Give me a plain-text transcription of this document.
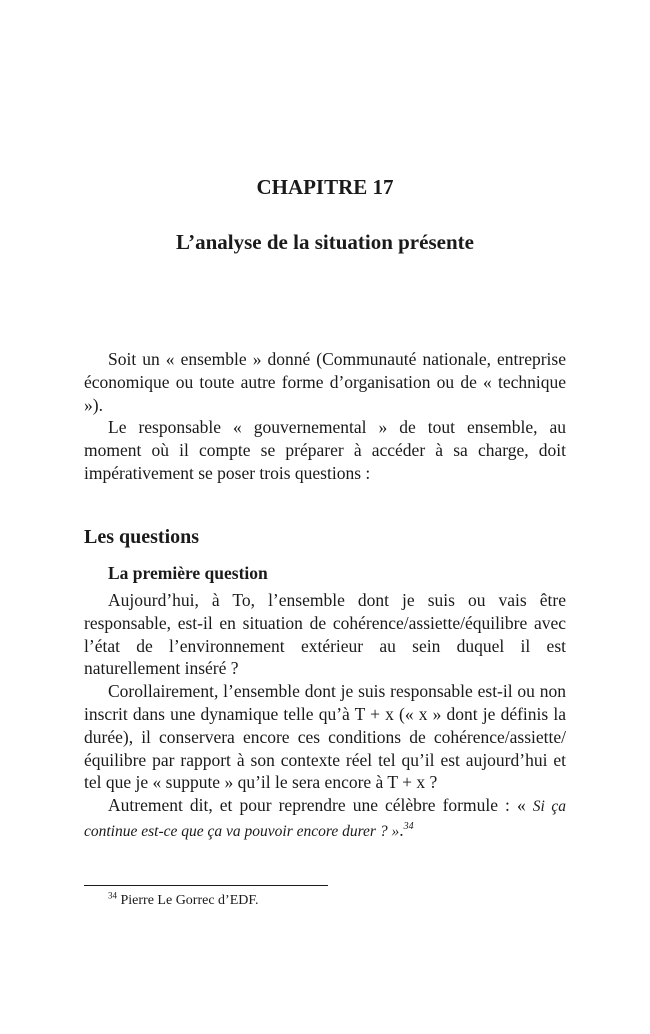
CHAPITRE 17
L’analyse de la situation présente

Soit un « ensemble » donné (Communauté nationale, entreprise économique ou toute autre forme d’organisation ou de « technique »).

Le responsable « gouvernemental » de tout ensemble, au moment où il compte se préparer à accéder à sa charge, doit impérativement se poser trois questions :

Les questions
La première question

Aujourd’hui, à To, l’ensemble dont je suis ou vais être responsable, est-il en situation de cohérence/assiette/équilibre avec l’état de l’environnement extérieur au sein duquel il est naturellement inséré ?

Corollairement, l’ensemble dont je suis responsable est-il ou non inscrit dans une dynamique telle qu’à T + x (« x » dont je définis la durée), il conservera encore ces conditions de cohérence/assiette/équilibre par rapport à son contexte réel tel qu’il est aujourd’hui et tel que je « suppute » qu’il le sera encore à T + x ?

Autrement dit, et pour reprendre une célèbre formule : « Si ça continue est-ce que ça va pouvoir encore durer ? ».$^{34}$

$^{34}$ Pierre Le Gorrec d’EDF.
